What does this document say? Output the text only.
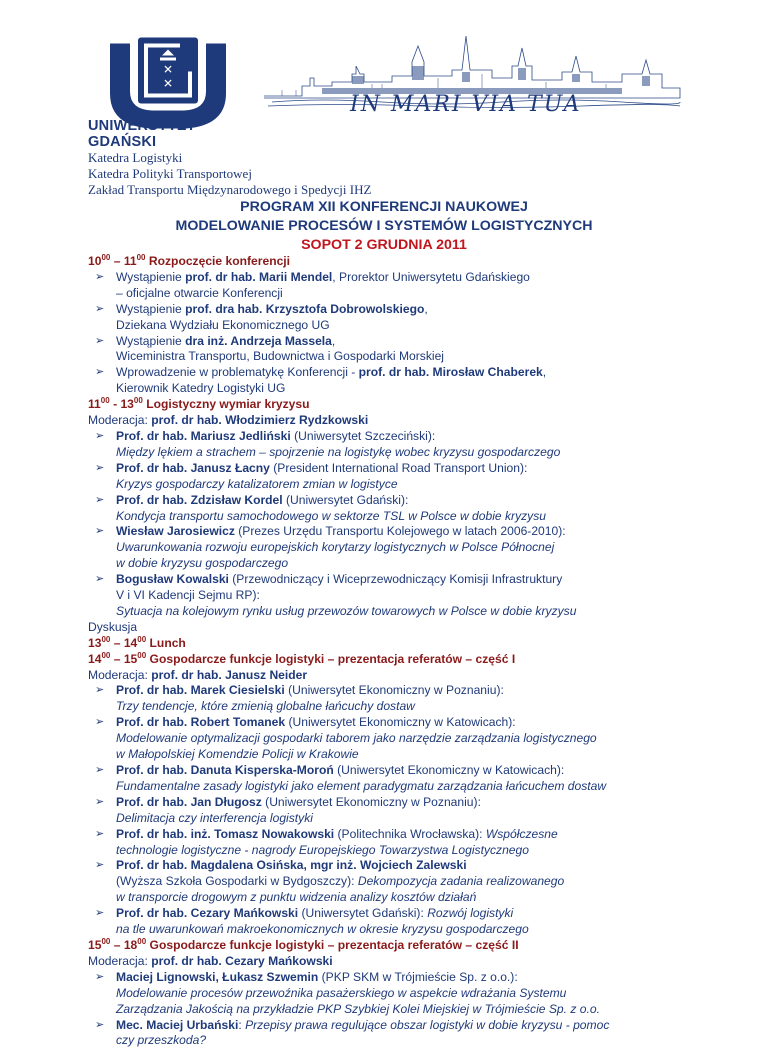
✕
✕
UNIWERSYTET GDAŃSKI
IN MARI VIA TUA
Katedra Logistyki
Katedra Polityki Transportowej
Zakład Transportu Międzynarodowego i Spedycji IHZ
PROGRAM XII KONFERENCJI NAUKOWEJ
MODELOWANIE PROCESÓW I SYSTEMÓW LOGISTYCZNYCH
SOPOT 2 GRUDNIA 2011
$10^{00} - 11^{00}$ Rozpoczęcie konferencji
➢ Wystąpienie prof. dr hab. Marii Mendel, Prorektor Uniwersytetu Gdańskiego
– oficjalne otwarcie Konferencji
➢ Wystąpienie prof. dra hab. Krzysztofa Dobrowolskiego,
Dziekana Wydziału Ekonomicznego UG
➢ Wystąpienie dra inż. Andrzeja Massela,
Wiceministra Transportu, Budownictwa i Gospodarki Morskiej
➢ Wprowadzenie w problematykę Konferencji - prof. dr hab. Mirosław Chaberek,
Kierownik Katedry Logistyki UG
$11^{00} - 13^{00}$ Logistyczny wymiar kryzysu
Moderacja: prof. dr hab. Włodzimierz Rydzkowski
➢ Prof. dr hab. Mariusz Jedliński (Uniwersytet Szczeciński):
Między lękiem a strachem – spojrzenie na logistykę wobec kryzysu gospodarczego
➢ Prof. dr hab. Janusz Łacny (President International Road Transport Union):
Kryzys gospodarczy katalizatorem zmian w logistyce
➢ Prof. dr hab. Zdzisław Kordel (Uniwersytet Gdański):
Kondycja transportu samochodowego w sektorze TSL w Polsce w dobie kryzysu
➢ Wiesław Jarosiewicz (Prezes Urzędu Transportu Kolejowego w latach 2006-2010):
Uwarunkowania rozwoju europejskich korytarzy logistycznych w Polsce Północnej
w dobie kryzysu gospodarczego
➢ Bogusław Kowalski (Przewodniczący i Wiceprzewodniczący Komisji Infrastruktury
V i VI Kadencji Sejmu RP):
Sytuacja na kolejowym rynku usług przewozów towarowych w Polsce w dobie kryzysu
Dyskusja
$13^{00} - 14^{00}$ Lunch
$14^{00} - 15^{00}$ Gospodarcze funkcje logistyki – prezentacja referatów – część I
Moderacja: prof. dr hab. Janusz Neider
➢ Prof. dr hab. Marek Ciesielski (Uniwersytet Ekonomiczny w Poznaniu):
Trzy tendencje, które zmienią globalne łańcuchy dostaw
➢ Prof. dr hab. Robert Tomanek (Uniwersytet Ekonomiczny w Katowicach):
Modelowanie optymalizacji gospodarki taborem jako narzędzie zarządzania logistycznego
w Małopolskiej Komendzie Policji w Krakowie
➢ Prof. dr hab. Danuta Kisperska-Moroń (Uniwersytet Ekonomiczny w Katowicach):
Fundamentalne zasady logistyki jako element paradygmatu zarządzania łańcuchem dostaw
➢ Prof. dr hab. Jan Długosz (Uniwersytet Ekonomiczny w Poznaniu):
Delimitacja czy interferencja logistyki
➢ Prof. dr hab. inż. Tomasz Nowakowski (Politechnika Wrocławska): Współczesne
technologie logistyczne - nagrody Europejskiego Towarzystwa Logistycznego
➢ Prof. dr hab. Magdalena Osińska, mgr inż. Wojciech Zalewski
(Wyższa Szkoła Gospodarki w Bydgoszczy): Dekompozycja zadania realizowanego
w transporcie drogowym z punktu widzenia analizy kosztów działań
➢ Prof. dr hab. Cezary Mańkowski (Uniwersytet Gdański): Rozwój logistyki
na tle uwarunkowań makroekonomicznych w okresie kryzysu gospodarczego
$15^{00} - 18^{00}$ Gospodarcze funkcje logistyki – prezentacja referatów – część II
Moderacja: prof. dr hab. Cezary Mańkowski
➢ Maciej Lignowski, Łukasz Szwemin (PKP SKM w Trójmieście Sp. z o.o.):
Modelowanie procesów przewoźnika pasażerskiego w aspekcie wdrażania Systemu
Zarządzania Jakością na przykładzie PKP Szybkiej Kolei Miejskiej w Trójmieście Sp. z o.o.
➢ Mec. Maciej Urbański: Przepisy prawa regulujące obszar logistyki w dobie kryzysu - pomoc
czy przeszkoda?
